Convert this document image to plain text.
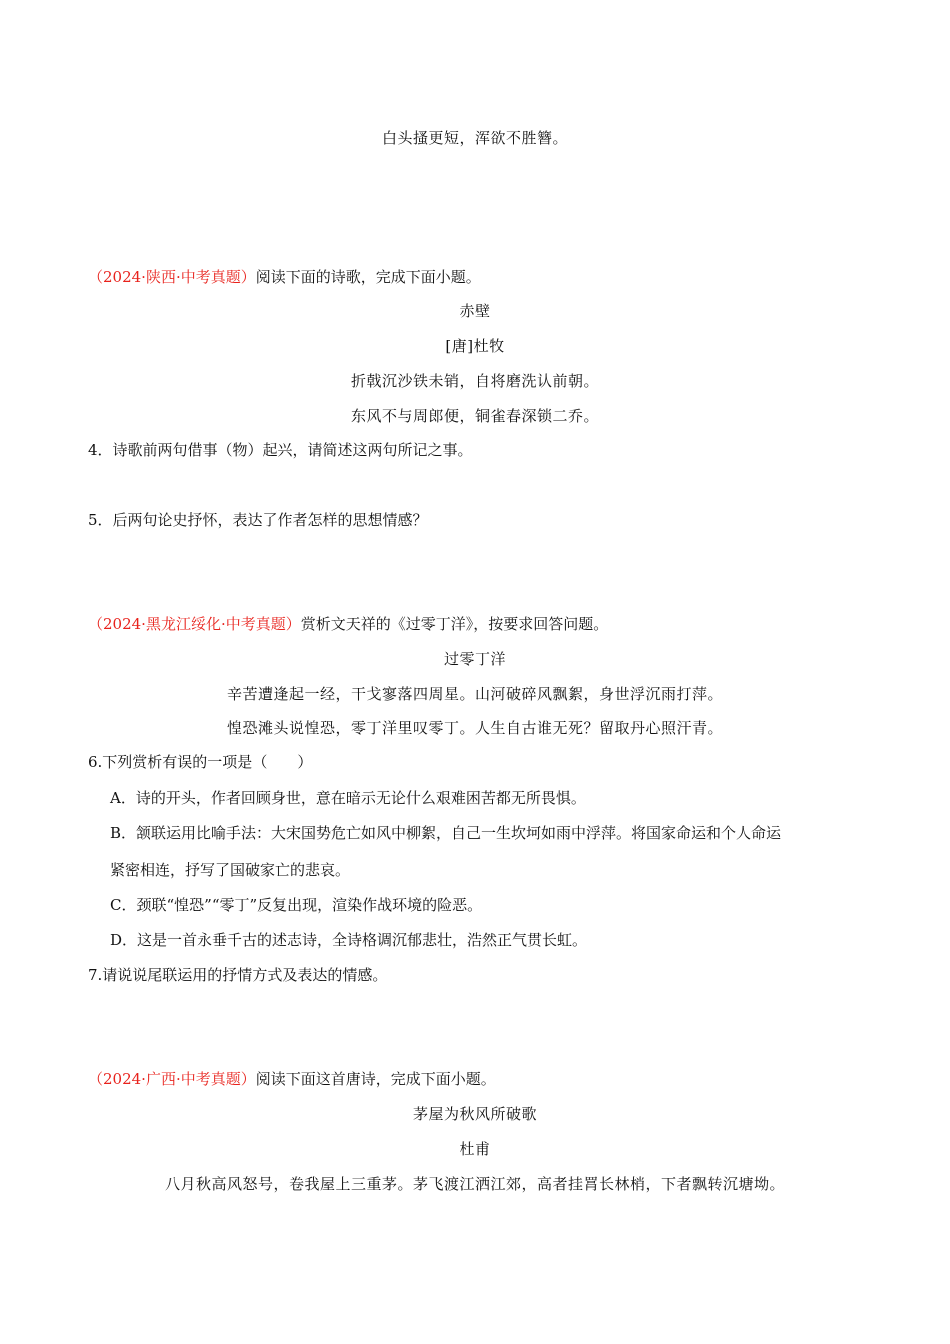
白头搔更短，浑欲不胜簪。
（2024·陕西·中考真题）阅读下面的诗歌，完成下面小题。
赤壁
[唐]杜牧
折戟沉沙铁未销，自将磨洗认前朝。
东风不与周郎便，铜雀春深锁二乔。
4．诗歌前两句借事（物）起兴，请简述这两句所记之事。
5．后两句论史抒怀，表达了作者怎样的思想情感？
（2024·黑龙江绥化·中考真题）赏析文天祥的《过零丁洋》，按要求回答问题。
过零丁洋
辛苦遭逢起一经，干戈寥落四周星。山河破碎风飘絮，身世浮沉雨打萍。
惶恐滩头说惶恐，零丁洋里叹零丁。人生自古谁无死？留取丹心照汗青。
6.下列赏析有误的一项是（　　）
A．诗的开头，作者回顾身世，意在暗示无论什么艰难困苦都无所畏惧。
B．颔联运用比喻手法：大宋国势危亡如风中柳絮，自己一生坎坷如雨中浮萍。将国家命运和个人命运
紧密相连，抒写了国破家亡的悲哀。
C．颈联“惶恐”“零丁”反复出现，渲染作战环境的险恶。
D．这是一首永垂千古的述志诗，全诗格调沉郁悲壮，浩然正气贯长虹。
7.请说说尾联运用的抒情方式及表达的情感。
（2024·广西·中考真题）阅读下面这首唐诗，完成下面小题。
茅屋为秋风所破歌
杜甫
八月秋高风怒号，卷我屋上三重茅。茅飞渡江洒江郊，高者挂罥长林梢，下者飘转沉塘坳。
